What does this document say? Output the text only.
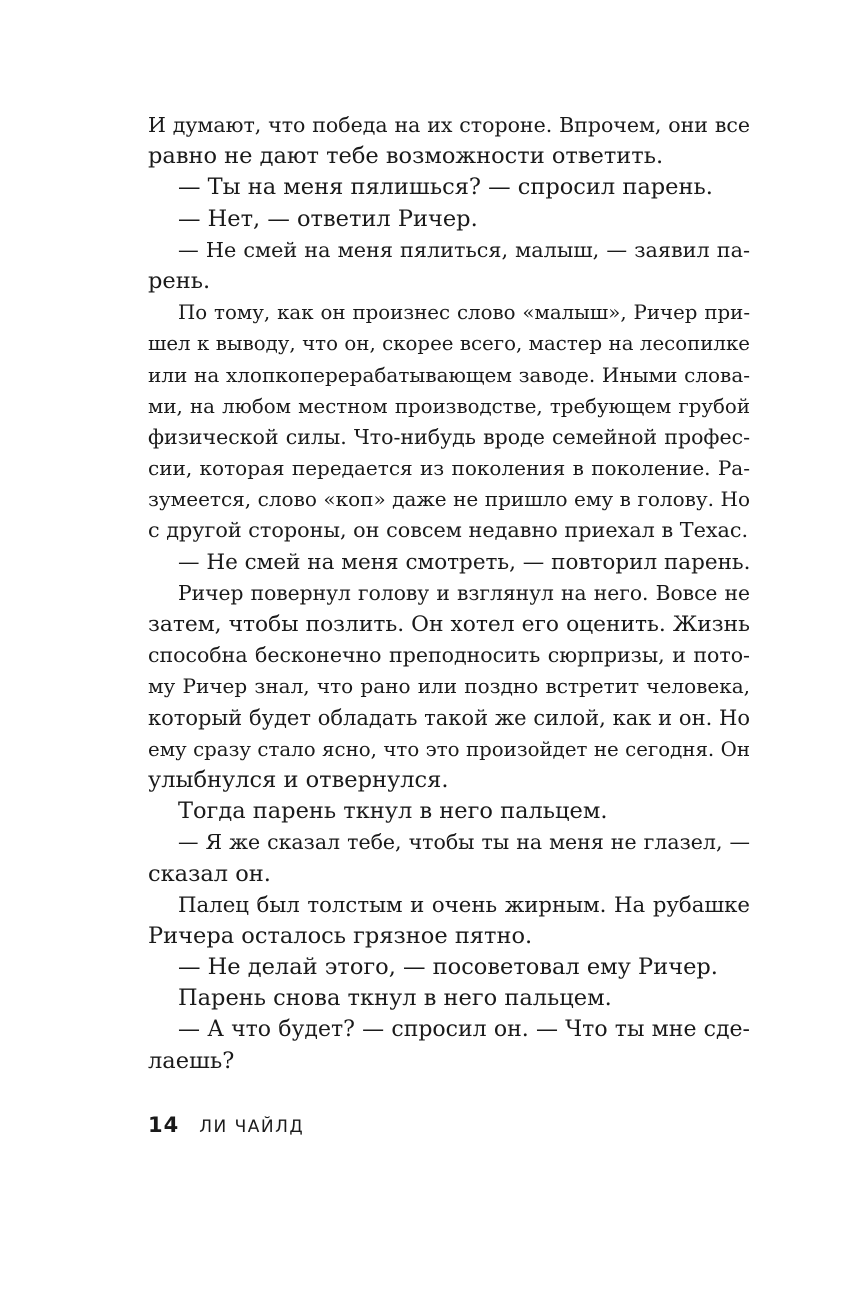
И думают, что победа на их стороне. Впрочем, они все
равно не дают тебе возможности ответить.
— Ты на меня пялишься? — спросил парень.
— Нет, — ответил Ричер.
— Не смей на меня пялиться, малыш, — заявил па-
рень.
По тому, как он произнес слово «малыш», Ричер при-
шел к выводу, что он, скорее всего, мастер на лесопилке
или на хлопкоперерабатывающем заводе. Иными слова-
ми, на любом местном производстве, требующем грубой
физической силы. Что-нибудь вроде семейной профес-
сии, которая передается из поколения в поколение. Ра-
зумеется, слово «коп» даже не пришло ему в голову. Но
с другой стороны, он совсем недавно приехал в Техас.
— Не смей на меня смотреть, — повторил парень.
Ричер повернул голову и взглянул на него. Вовсе не
затем, чтобы позлить. Он хотел его оценить. Жизнь
способна бесконечно преподносить сюрпризы, и пото-
му Ричер знал, что рано или поздно встретит человека,
который будет обладать такой же силой, как и он. Но
ему сразу стало ясно, что это произойдет не сегодня. Он
улыбнулся и отвернулся.
Тогда парень ткнул в него пальцем.
— Я же сказал тебе, чтобы ты на меня не глазел, —
сказал он.
Палец был толстым и очень жирным. На рубашке
Ричера осталось грязное пятно.
— Не делай этого, — посоветовал ему Ричер.
Парень снова ткнул в него пальцем.
— А что будет? — спросил он. — Что ты мне сде-
лаешь?
14 ЛИ ЧАЙЛД
